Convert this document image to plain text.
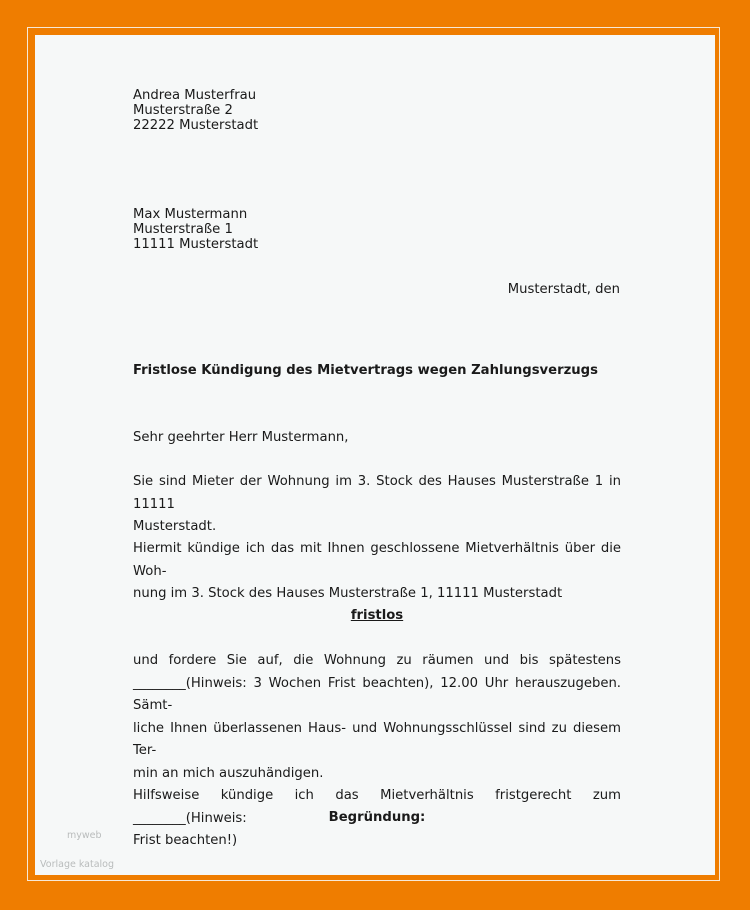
Andrea Musterfrau
Musterstraße 2
22222 Musterstadt
Max Mustermann
Musterstraße 1
11111 Musterstadt
Musterstadt, den
Fristlose Kündigung des Mietvertrags wegen Zahlungsverzugs
Sehr geehrter Herr Mustermann,
Sie sind Mieter der Wohnung im 3. Stock des Hauses Musterstraße 1 in 11111
Musterstadt.
Hiermit kündige ich das mit Ihnen geschlossene Mietverhältnis über die Woh-
nung im 3. Stock des Hauses Musterstraße 1, 11111 Musterstadt
fristlos
und fordere Sie auf, die Wohnung zu räumen und bis spätestens
________(Hinweis: 3 Wochen Frist beachten), 12.00 Uhr herauszugeben. Sämt-
liche Ihnen überlassenen Haus- und Wohnungsschlüssel sind zu diesem Ter-
min an mich auszuhändigen.
Hilfsweise kündige ich das Mietverhältnis fristgerecht zum ________(Hinweis:
Frist beachten!)
Begründung:
myweb
Vorlage katalog
